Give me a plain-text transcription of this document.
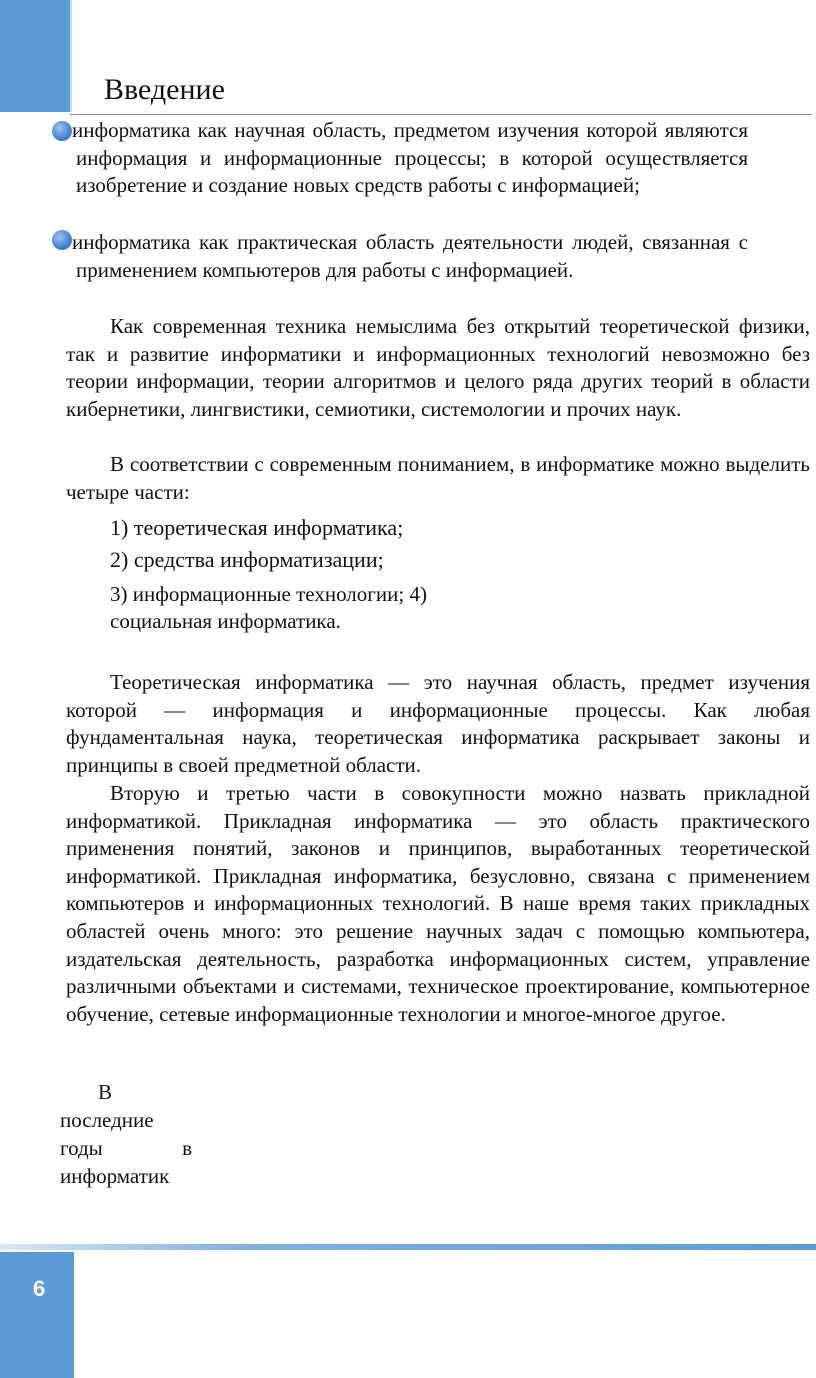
Введение

информатика как научная область, предметом изучения которой являются информация и информационные процессы; в которой осуществляется изобретение и создание новых средств работы с информацией;

информатика как практическая область деятельности людей, связанная с применением компьютеров для работы с информацией.

Как современная техника немыслима без открытий теоретической физики, так и развитие информатики и информационных технологий невозможно без теории информации, теории алгоритмов и целого ряда других теорий в области кибернетики, лингвистики, семиотики, системологии и прочих наук.

В соответствии с современным пониманием, в информатике можно выделить четыре части:

1) теоретическая информатика;

2) средства информатизации;

3) информационные технологии; 4)

социальная информатика.

Теоретическая информатика — это научная область, предмет изучения которой — информация и информационные процессы. Как любая фундаментальная наука, теоретическая информатика раскрывает законы и принципы в своей предметной области.

Вторую и третью части в совокупности можно назвать прикладной информатикой. Прикладная информатика — это область практического применения понятий, законов и принципов, выработанных теоретической информатикой. Прикладная информатика, безусловно, связана с применением компьютеров и информационных технологий. В наше время таких прикладных областей очень много: это решение научных задач с помощью компьютера, издательская деятельность, разработка информационных систем, управление различными объектами и системами, техническое проектирование, компьютерное обучение, сетевые информационные технологии и многое-многое другое.

В

последние

годы в

информатик

6
